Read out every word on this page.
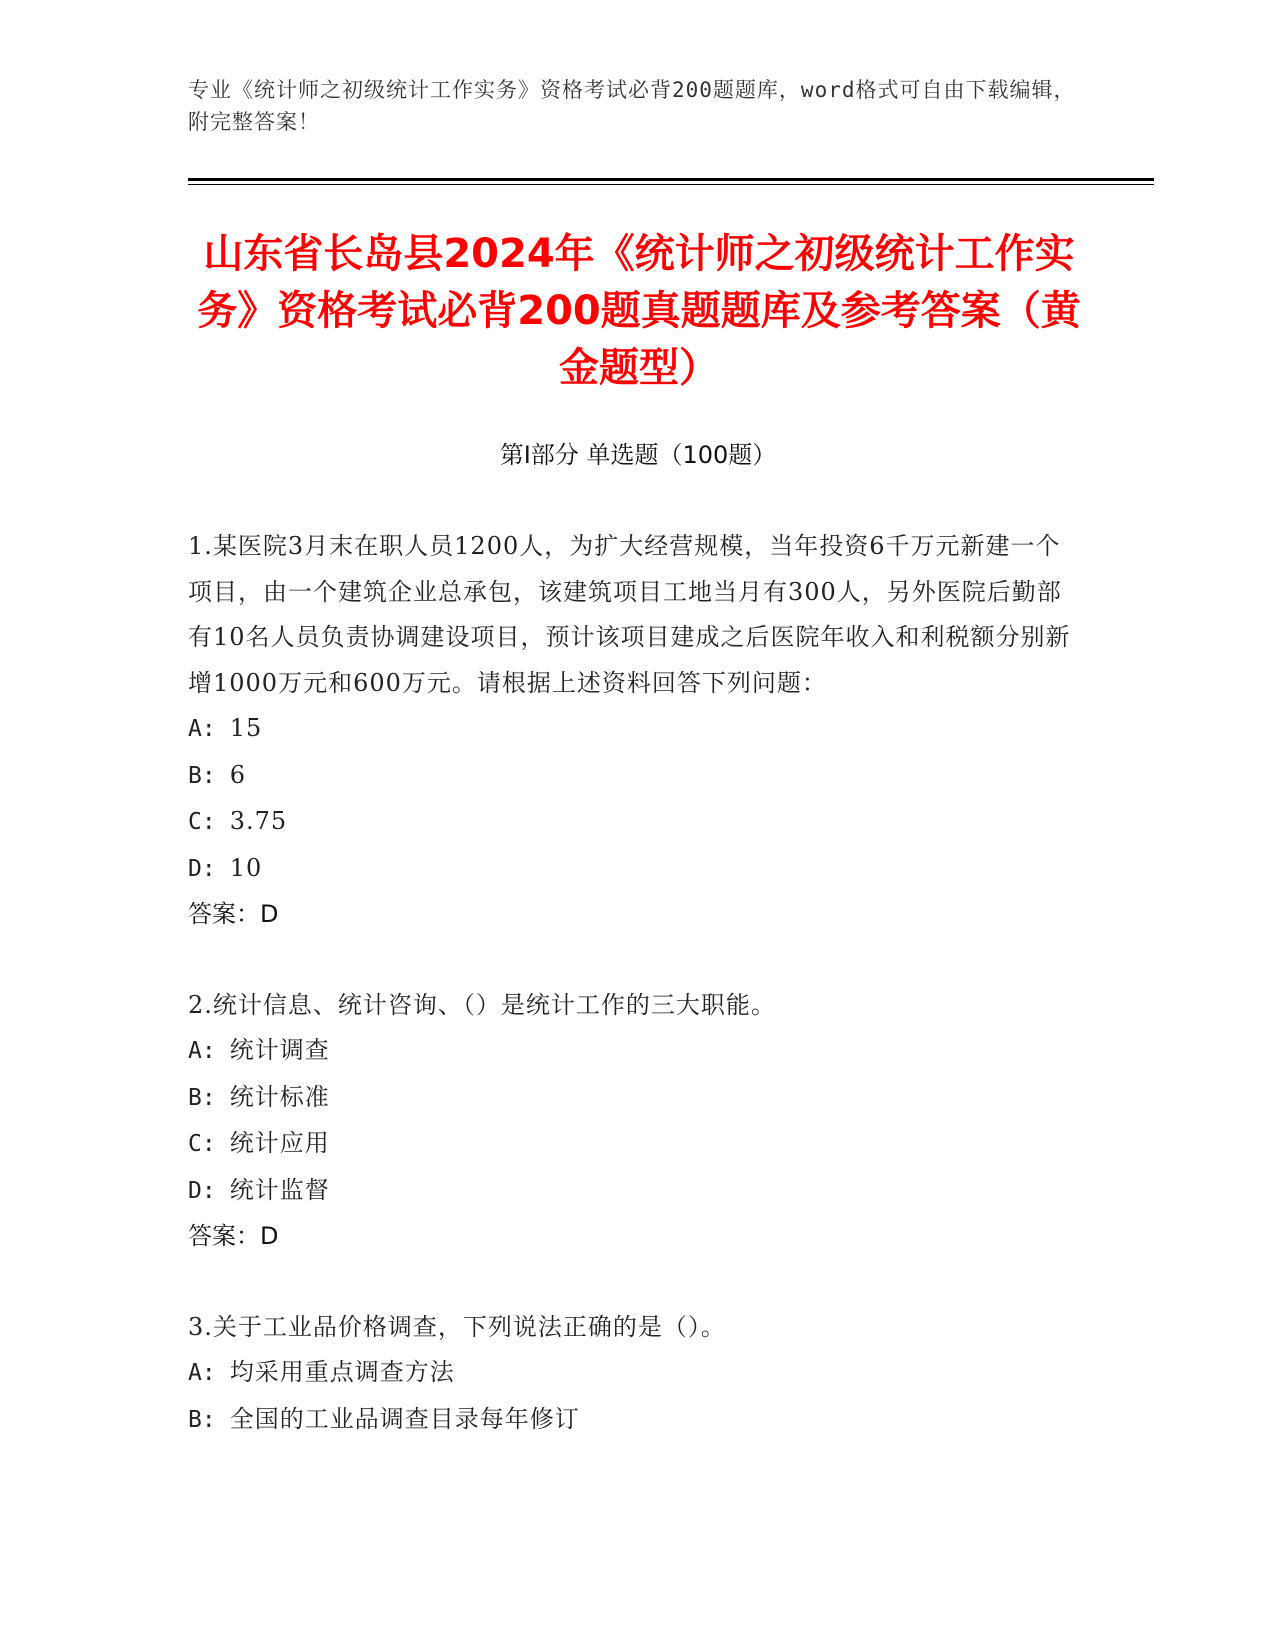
专业《统计师之初级统计工作实务》资格考试必背200题题库，word格式可自由下载编辑，附完整答案！
山东省长岛县2024年《统计师之初级统计工作实务》资格考试必背200题真题题库及参考答案（黄金题型）
第Ⅰ部分 单选题（100题）

1.某医院3月末在职人员1200人，为扩大经营规模，当年投资6千万元新建一个项目，由一个建筑企业总承包，该建筑项目工地当月有300人，另外医院后勤部有10名人员负责协调建设项目，预计该项目建成之后医院年收入和利税额分别新增1000万元和600万元。请根据上述资料回答下列问题：

A: 15

B: 6

C: 3.75

D: 10

答案：D

2.统计信息、统计咨询、（）是统计工作的三大职能。

A: 统计调查

B: 统计标准

C: 统计应用

D: 统计监督

答案：D

3.关于工业品价格调查，下列说法正确的是（）。

A: 均采用重点调查方法

B: 全国的工业品调查目录每年修订
